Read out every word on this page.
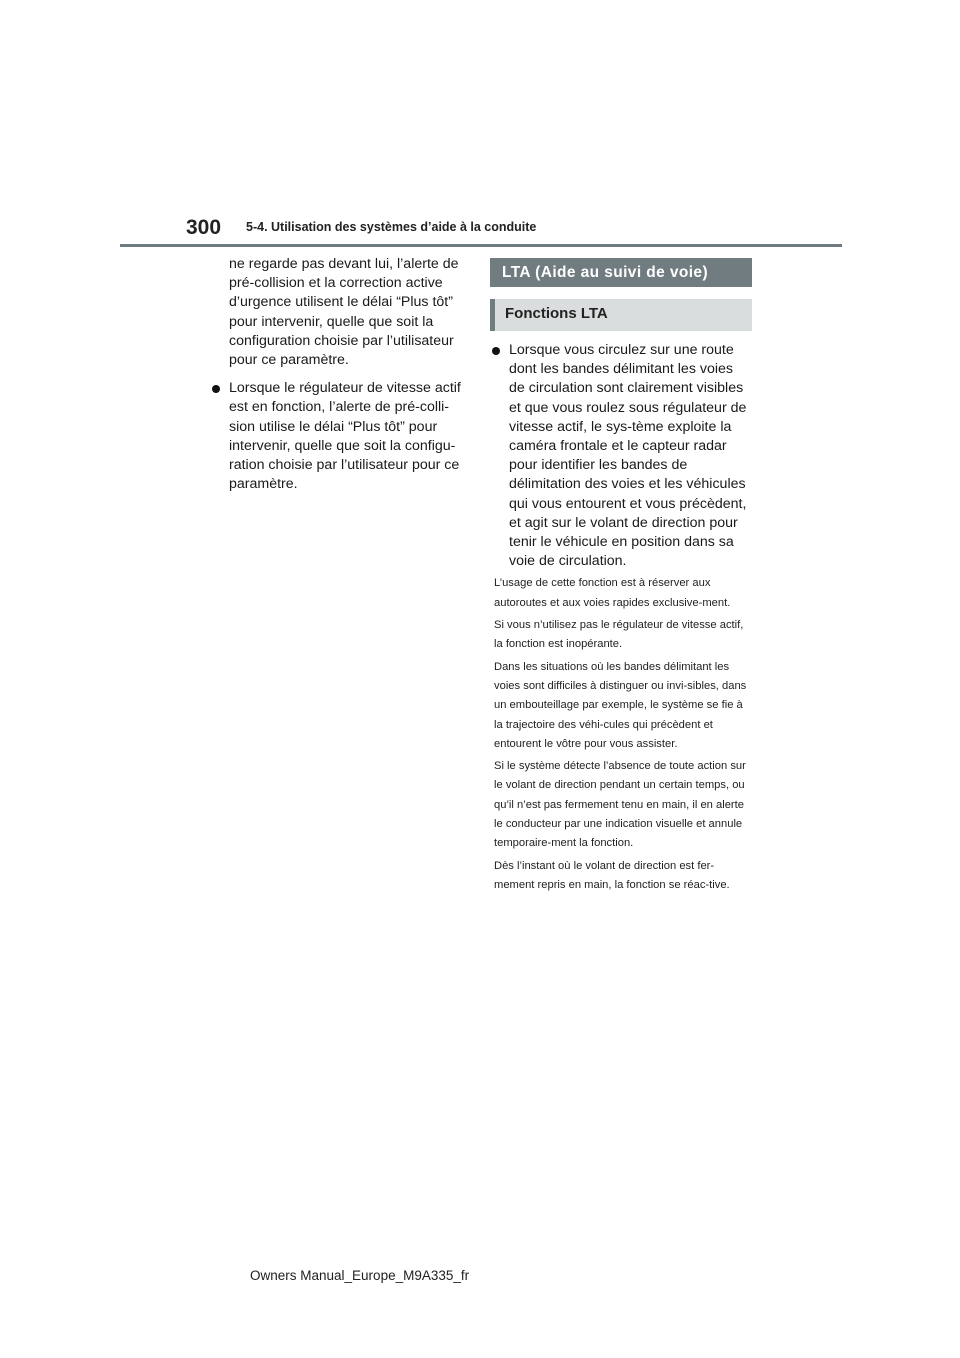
300 5-4. Utilisation des systèmes d’aide à la conduite

ne regarde pas devant lui, l’alerte de pré-collision et la correction active d’urgence utilisent le délai “Plus tôt” pour intervenir, quelle que soit la configuration choisie par l’utilisateur pour ce paramètre.

Lorsque le régulateur de vitesse actif est en fonction, l’alerte de pré-colli-sion utilise le délai “Plus tôt” pour intervenir, quelle que soit la configu-ration choisie par l’utilisateur pour ce paramètre.
LTA (Aide au suivi de voie)
Fonctions LTA
Lorsque vous circulez sur une route dont les bandes délimitant les voies de circulation sont clairement visibles et que vous roulez sous régulateur de vitesse actif, le sys-tème exploite la caméra frontale et le capteur radar pour identifier les bandes de délimitation des voies et les véhicules qui vous entourent et vous précèdent, et agit sur le volant de direction pour tenir le véhicule en position dans sa voie de circulation.

L’usage de cette fonction est à réserver aux autoroutes et aux voies rapides exclusive-ment.

Si vous n’utilisez pas le régulateur de vitesse actif, la fonction est inopérante.

Dans les situations où les bandes délimitant les voies sont difficiles à distinguer ou invi-sibles, dans un embouteillage par exemple, le système se fie à la trajectoire des véhi-cules qui précèdent et entourent le vôtre pour vous assister.

Si le système détecte l’absence de toute action sur le volant de direction pendant un certain temps, ou qu’il n’est pas fermement tenu en main, il en alerte le conducteur par une indication visuelle et annule temporaire-ment la fonction.

Dès l’instant où le volant de direction est fer-mement repris en main, la fonction se réac-tive.

Owners Manual_Europe_M9A335_fr
